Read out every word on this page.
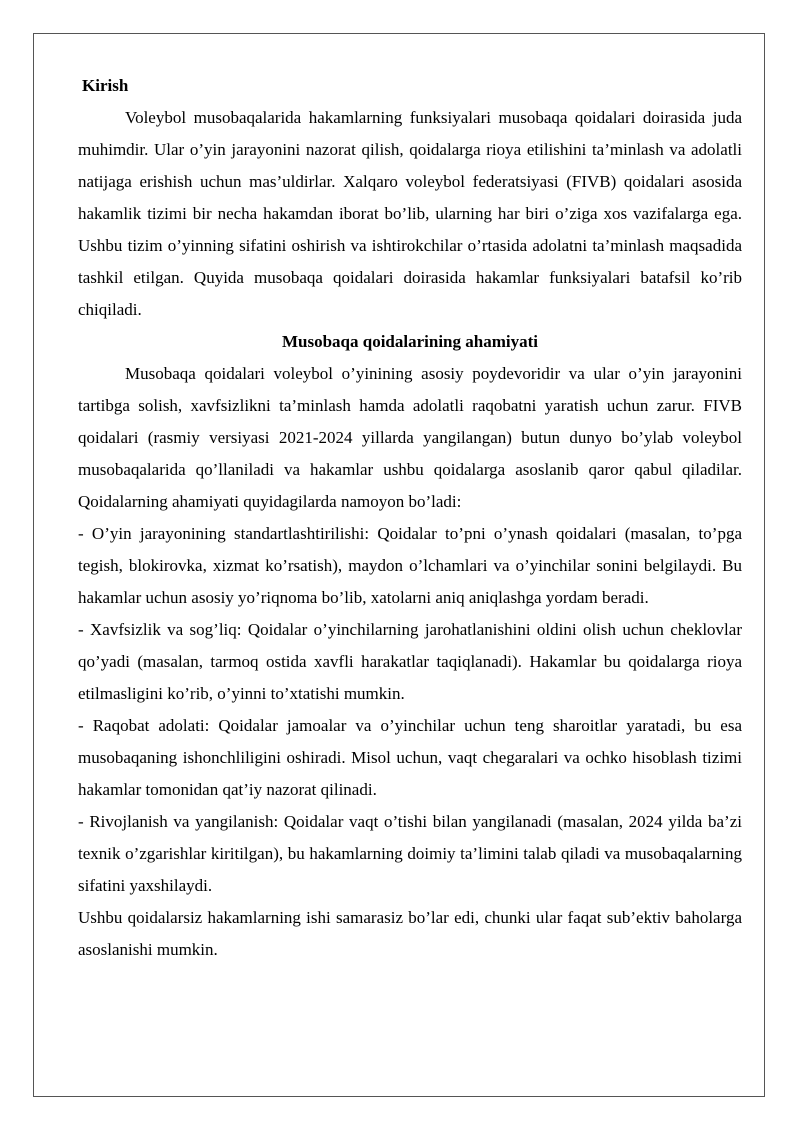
Kirish

Voleybol musobaqalarida hakamlarning funksiyalari musobaqa qoidalari doirasida juda muhimdir. Ular o’yin jarayonini nazorat qilish, qoidalarga rioya etilishini ta’minlash va adolatli natijaga erishish uchun mas’uldirlar. Xalqaro voleybol federatsiyasi (FIVB) qoidalari asosida hakamlik tizimi bir necha hakamdan iborat bo’lib, ularning har biri o’ziga xos vazifalarga ega. Ushbu tizim o’yinning sifatini oshirish va ishtirokchilar o’rtasida adolatni ta’minlash maqsadida tashkil etilgan. Quyida musobaqa qoidalari doirasida hakamlar funksiyalari batafsil ko’rib chiqiladi.

Musobaqa qoidalarining ahamiyati

Musobaqa qoidalari voleybol o’yinining asosiy poydevoridir va ular o’yin jarayonini tartibga solish, xavfsizlikni ta’minlash hamda adolatli raqobatni yaratish uchun zarur. FIVB qoidalari (rasmiy versiyasi 2021-2024 yillarda yangilangan) butun dunyo bo’ylab voleybol musobaqalarida qo’llaniladi va hakamlar ushbu qoidalarga asoslanib qaror qabul qiladilar. Qoidalarning ahamiyati quyidagilarda namoyon bo’ladi:

- O’yin jarayonining standartlashtirilishi: Qoidalar to’pni o’ynash qoidalari (masalan, to’pga tegish, blokirovka, xizmat ko’rsatish), maydon o’lchamlari va o’yinchilar sonini belgilaydi. Bu hakamlar uchun asosiy yo’riqnoma bo’lib, xatolarni aniq aniqlashga yordam beradi.

- Xavfsizlik va sog’liq: Qoidalar o’yinchilarning jarohatlanishini oldini olish uchun cheklovlar qo’yadi (masalan, tarmoq ostida xavfli harakatlar taqiqlanadi). Hakamlar bu qoidalarga rioya etilmasligini ko’rib, o’yinni to’xtatishi mumkin.

- Raqobat adolati: Qoidalar jamoalar va o’yinchilar uchun teng sharoitlar yaratadi, bu esa musobaqaning ishonchliligini oshiradi. Misol uchun, vaqt chegaralari va ochko hisoblash tizimi hakamlar tomonidan qat’iy nazorat qilinadi.

- Rivojlanish va yangilanish: Qoidalar vaqt o’tishi bilan yangilanadi (masalan, 2024 yilda ba’zi texnik o’zgarishlar kiritilgan), bu hakamlarning doimiy ta’limini talab qiladi va musobaqalarning sifatini yaxshilaydi.

Ushbu qoidalarsiz hakamlarning ishi samarasiz bo’lar edi, chunki ular faqat sub’ektiv baholarga asoslanishi mumkin.
